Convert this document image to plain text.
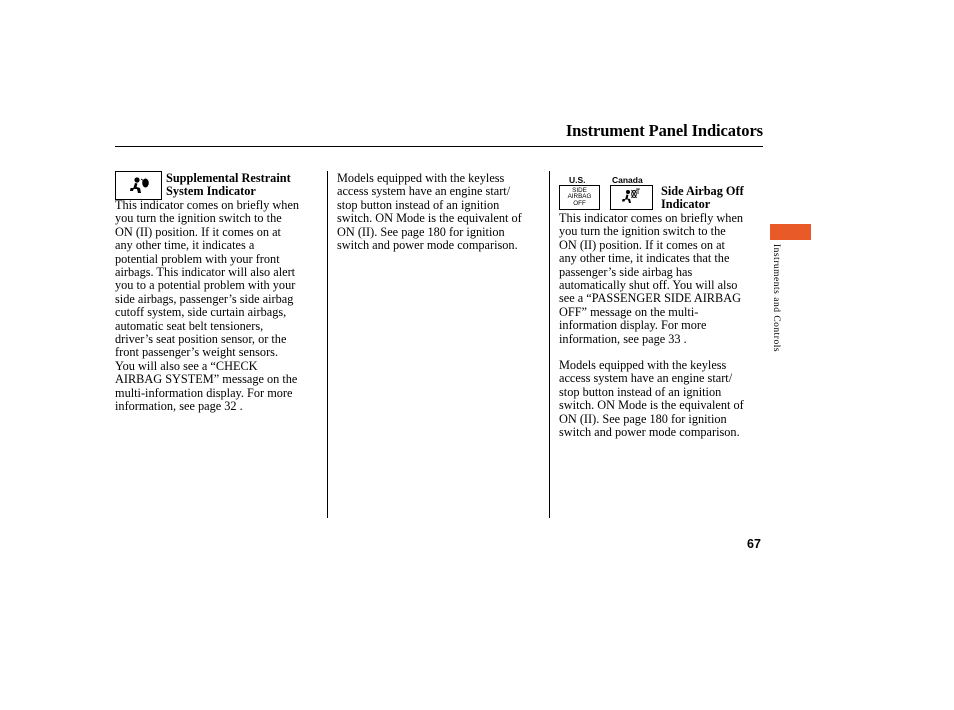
Instrument Panel Indicators
Supplemental Restraint
System Indicator
This indicator comes on briefly when
you turn the ignition switch to the
ON (II) position. If it comes on at
any other time, it indicates a
potential problem with your front
airbags. This indicator will also alert
you to a potential problem with your
side airbags, passenger’s side airbag
cutoff system, side curtain airbags,
automatic seat belt tensioners,
driver’s seat position sensor, or the
front passenger’s weight sensors.
You will also see a “CHECK
AIRBAG SYSTEM” message on the
multi-information display. For more
information, see page 32 .
Models equipped with the keyless
access system have an engine start/
stop button instead of an ignition
switch. ON Mode is the equivalent of
ON (II). See page 180 for ignition
switch and power mode comparison.
U.S.	Canada
SIDE
AIRBAG
OFF
Side Airbag Off
Indicator
This indicator comes on briefly when
you turn the ignition switch to the
ON (II) position. If it comes on at
any other time, it indicates that the
passenger’s side airbag has
automatically shut off. You will also
see a “PASSENGER SIDE AIRBAG
OFF” message on the multi-
information display. For more
information, see page 33 .
Models equipped with the keyless
access system have an engine start/
stop button instead of an ignition
switch. ON Mode is the equivalent of
ON (II). See page 180 for ignition
switch and power mode comparison.
Instruments and Controls
67
